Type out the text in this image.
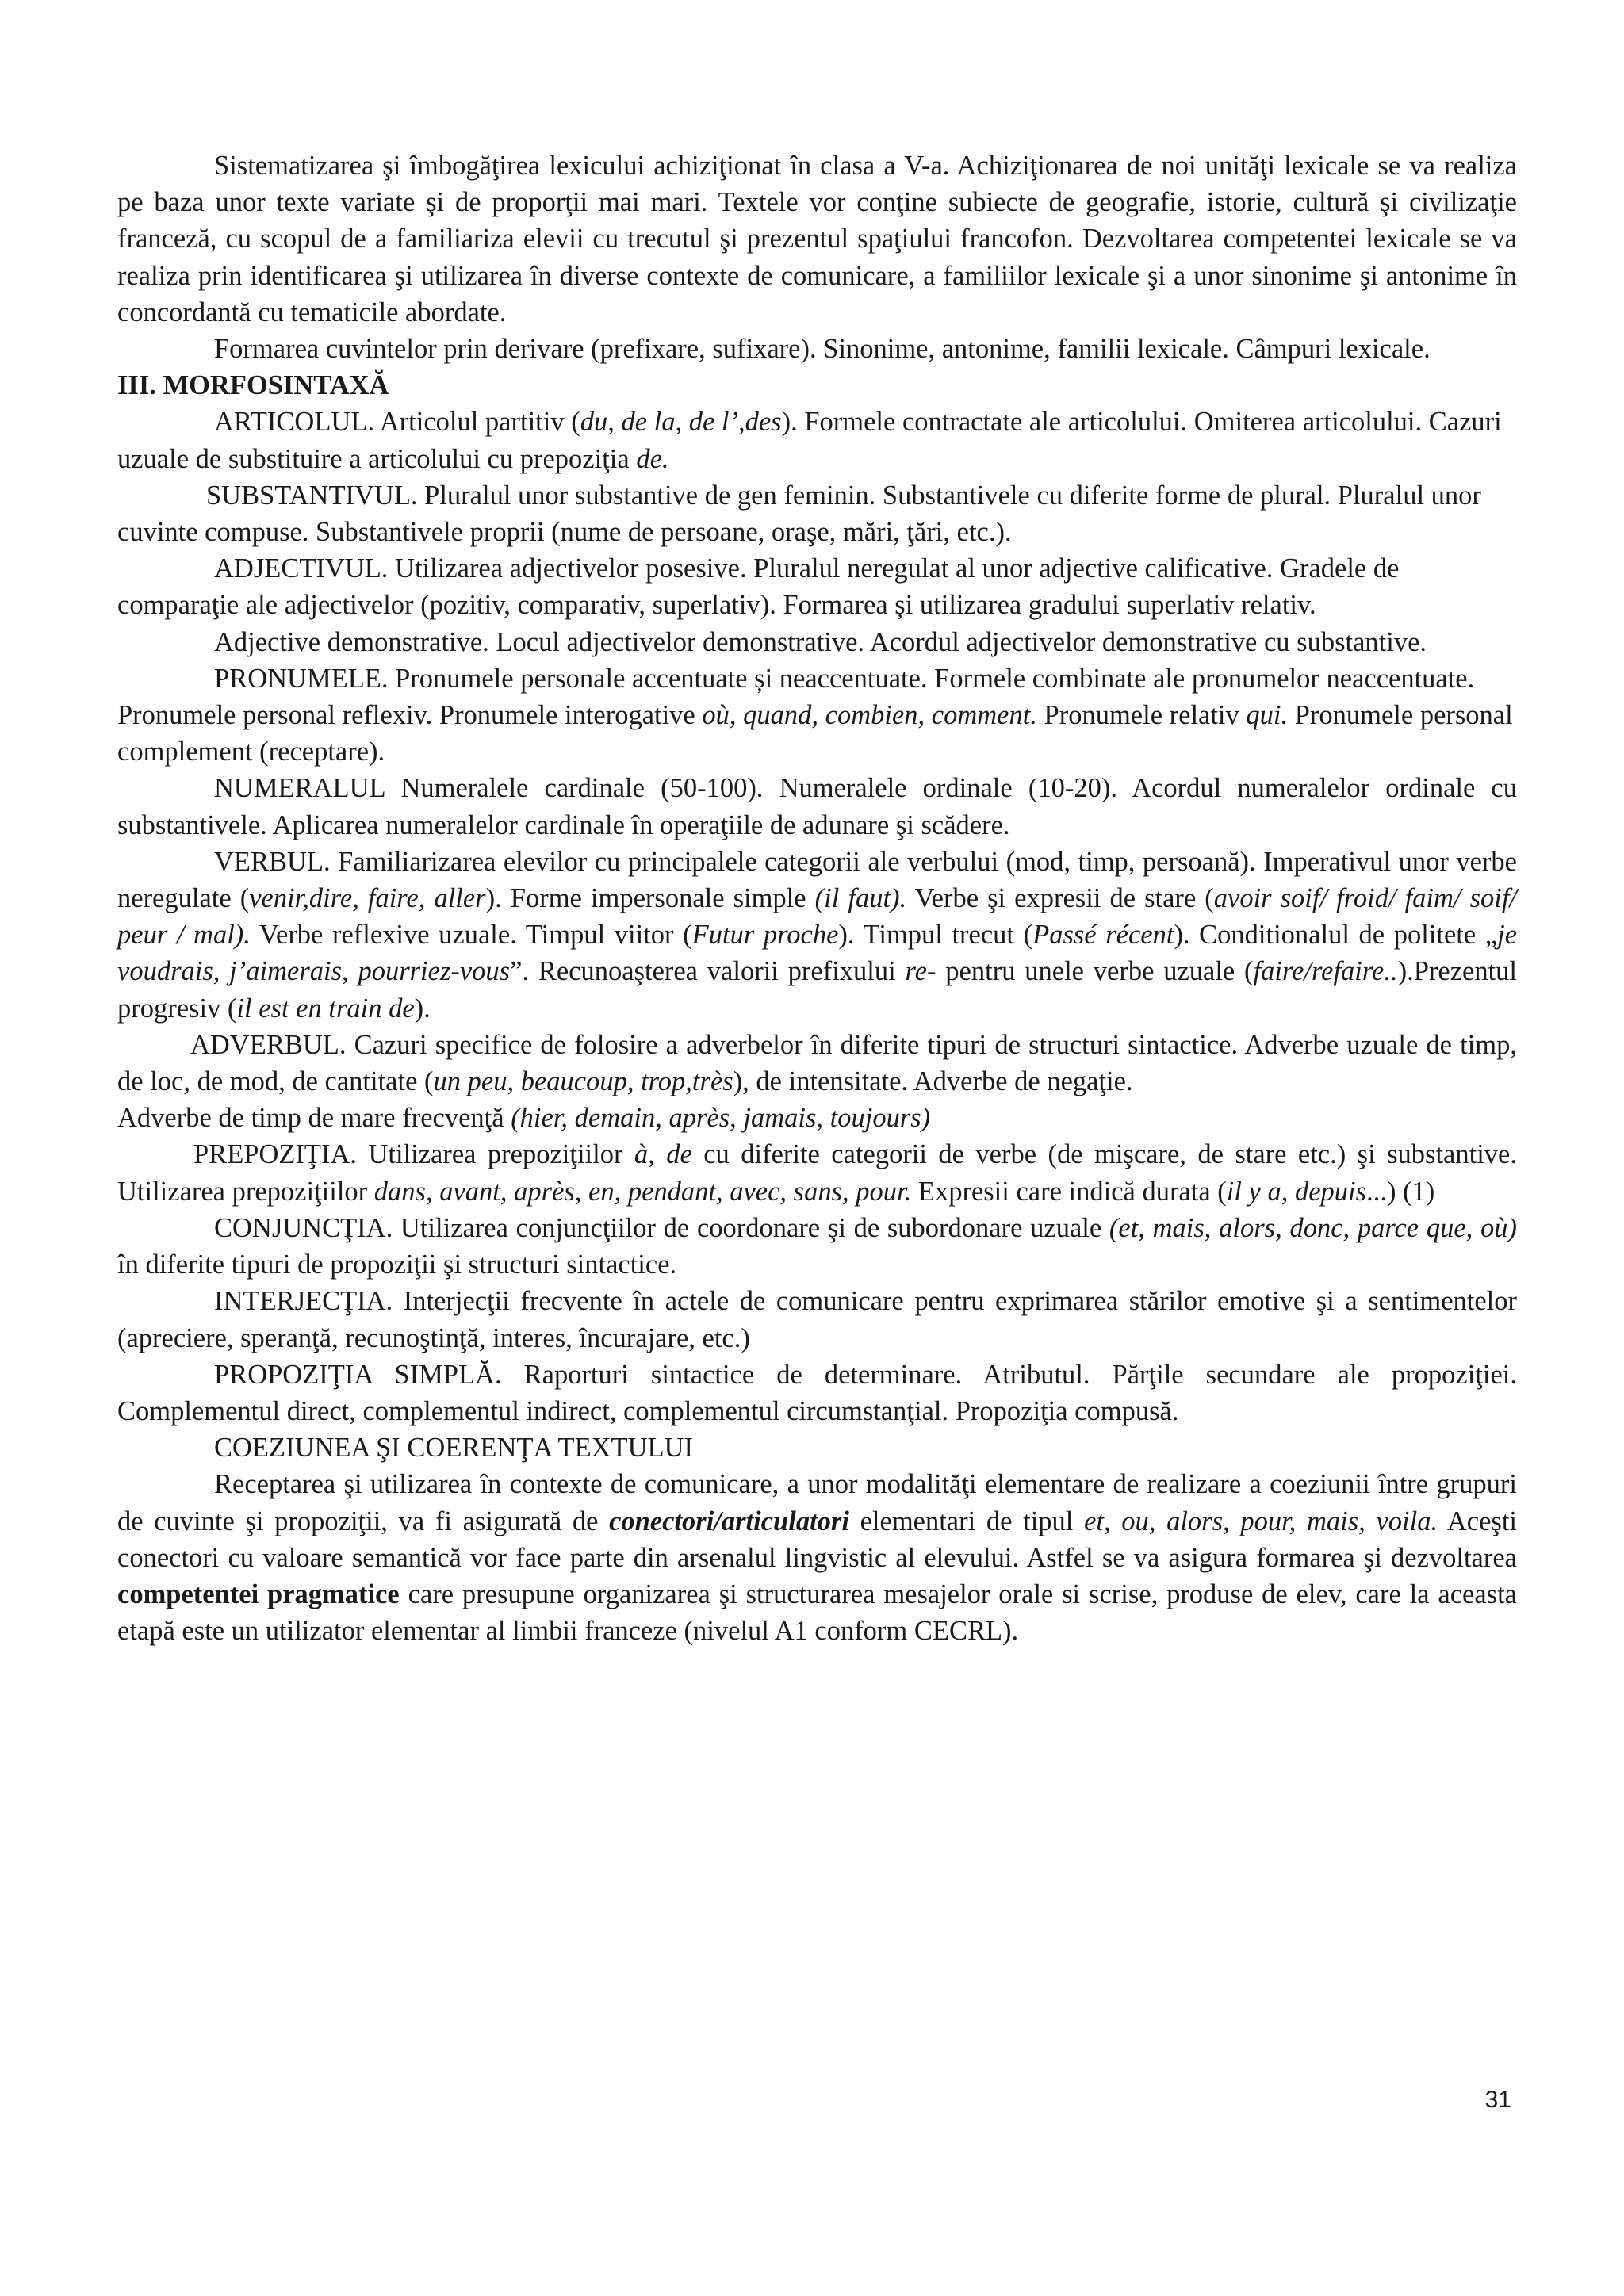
Sistematizarea şi îmbogăţirea lexicului achiziţionat în clasa a V-a. Achiziţionarea de noi unităţi lexicale se va realiza pe baza unor texte variate şi de proporţii mai mari. Textele vor conţine subiecte de geografie, istorie, cultură şi civilizaţie franceză, cu scopul de a familiariza elevii cu trecutul şi prezentul spaţiului francofon. Dezvoltarea competentei lexicale se va realiza prin identificarea şi utilizarea în diverse contexte de comunicare, a familiilor lexicale şi a unor sinonime şi antonime în concordantă cu tematicile abordate.

Formarea cuvintelor prin derivare (prefixare, sufixare). Sinonime, antonime, familii lexicale. Câmpuri lexicale.

III. MORFOSINTAXĂ

ARTICOLUL. Articolul partitiv (du, de la, de l’,des). Formele contractate ale articolului. Omiterea articolului. Cazuri uzuale de substituire a articolului cu prepoziţia de.

SUBSTANTIVUL. Pluralul unor substantive de gen feminin. Substantivele cu diferite forme de plural. Pluralul unor cuvinte compuse. Substantivele proprii (nume de persoane, oraşe, mări, ţări, etc.).

ADJECTIVUL. Utilizarea adjectivelor posesive. Pluralul neregulat al unor adjective calificative. Gradele de comparaţie ale adjectivelor (pozitiv, comparativ, superlativ). Formarea și utilizarea gradului superlativ relativ.

Adjective demonstrative. Locul adjectivelor demonstrative. Acordul adjectivelor demonstrative cu substantive.

PRONUMELE. Pronumele personale accentuate și neaccentuate. Formele combinate ale pronumelor neaccentuate. Pronumele personal reflexiv. Pronumele interogative où, quand, combien, comment. Pronumele relativ qui. Pronumele personal complement (receptare).

NUMERALUL Numeralele cardinale (50-100). Numeralele ordinale (10-20). Acordul numeralelor ordinale cu substantivele. Aplicarea numeralelor cardinale în operaţiile de adunare şi scădere.

VERBUL. Familiarizarea elevilor cu principalele categorii ale verbului (mod, timp, persoană). Imperativul unor verbe neregulate (venir,dire, faire, aller). Forme impersonale simple (il faut). Verbe şi expresii de stare (avoir soif/ froid/ faim/ soif/ peur / mal). Verbe reflexive uzuale. Timpul viitor (Futur proche). Timpul trecut (Passé récent). Conditionalul de politete „je voudrais, j’aimerais, pourriez-vous”. Recunoaşterea valorii prefixului re- pentru unele verbe uzuale (faire/refaire..).Prezentul progresiv (il est en train de).

ADVERBUL. Cazuri specifice de folosire a adverbelor în diferite tipuri de structuri sintactice. Adverbe uzuale de timp, de loc, de mod, de cantitate (un peu, beaucoup, trop,très), de intensitate. Adverbe de negaţie.

Adverbe de timp de mare frecvenţă (hier, demain, après, jamais, toujours)

PREPOZIŢIA. Utilizarea prepoziţiilor à, de cu diferite categorii de verbe (de mişcare, de stare etc.) şi substantive. Utilizarea prepoziţiilor dans, avant, après, en, pendant, avec, sans, pour. Expresii care indică durata (il y a, depuis...) (1)

CONJUNCŢIA. Utilizarea conjuncţiilor de coordonare şi de subordonare uzuale (et, mais, alors, donc, parce que, où) în diferite tipuri de propoziţii şi structuri sintactice.

INTERJECŢIA. Interjecţii frecvente în actele de comunicare pentru exprimarea stărilor emotive şi a sentimentelor (apreciere, speranţă, recunoştinţă, interes, încurajare, etc.)

PROPOZIŢIA SIMPLĂ. Raporturi sintactice de determinare. Atributul. Părţile secundare ale propoziţiei. Complementul direct, complementul indirect, complementul circumstanţial. Propoziţia compusă.

COEZIUNEA ŞI COERENŢA TEXTULUI

Receptarea şi utilizarea în contexte de comunicare, a unor modalităţi elementare de realizare a coeziunii între grupuri de cuvinte şi propoziţii, va fi asigurată de conectori/articulatori elementari de tipul et, ou, alors, pour, mais, voila. Aceşti conectori cu valoare semantică vor face parte din arsenalul lingvistic al elevului. Astfel se va asigura formarea şi dezvoltarea competentei pragmatice care presupune organizarea şi structurarea mesajelor orale si scrise, produse de elev, care la aceasta etapă este un utilizator elementar al limbii franceze (nivelul A1 conform CECRL).

31
